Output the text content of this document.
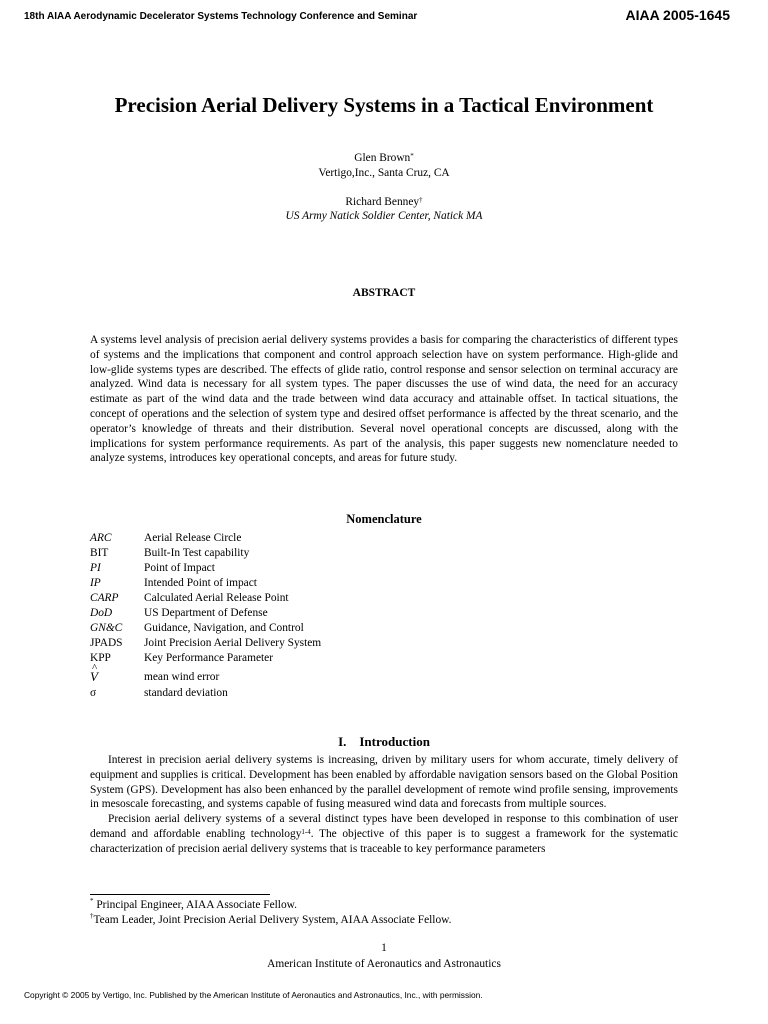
18th AIAA Aerodynamic Decelerator Systems Technology Conference and Seminar	AIAA 2005-1645
Precision Aerial Delivery Systems in a Tactical Environment
Glen Brown*
Vertigo,Inc., Santa Cruz, CA
Richard Benney†
US Army Natick Soldier Center, Natick MA
ABSTRACT

A systems level analysis of precision aerial delivery systems provides a basis for comparing the characteristics of different types of systems and the implications that component and control approach selection have on system performance. High-glide and low-glide systems types are described. The effects of glide ratio, control response and sensor selection on terminal accuracy are analyzed. Wind data is necessary for all system types. The paper discusses the use of wind data, the need for an accuracy estimate as part of the wind data and the trade between wind data accuracy and attainable offset. In tactical situations, the concept of operations and the selection of system type and desired offset performance is affected by the threat scenario, and the operator’s knowledge of threats and their distribution. Several novel operational concepts are discussed, along with the implications for system performance requirements. As part of the analysis, this paper suggests new nomenclature needed to analyze systems, introduces key operational concepts, and areas for future study.

Nomenclature
ARC	Aerial Release Circle
BIT	Built-In Test capability
PI	Point of Impact
IP	Intended Point of impact
CARP	Calculated Aerial Release Point
DoD	US Department of Defense
GN&C	Guidance, Navigation, and Control
JPADS	Joint Precision Aerial Delivery System
KPP	Key Performance Parameter
^ V	mean wind error
σ	standard deviation
I.    Introduction

Interest in precision aerial delivery systems is increasing, driven by military users for whom accurate, timely delivery of equipment and supplies is critical. Development has been enabled by affordable navigation sensors based on the Global Position System (GPS). Development has also been enhanced by the parallel development of remote wind profile sensing, improvements in mesoscale forecasting, and systems capable of fusing measured wind data and forecasts from multiple sources.

Precision aerial delivery systems of a several distinct types have been developed in response to this combination of user demand and affordable enabling technology$^{1-4}$. The objective of this paper is to suggest a framework for the systematic characterization of precision aerial delivery systems that is traceable to key performance parameters

* Principal Engineer, AIAA Associate Fellow.
†Team Leader, Joint Precision Aerial Delivery System, AIAA Associate Fellow.
1
American Institute of Aeronautics and Astronautics
Copyright © 2005 by Vertigo, Inc. Published by the American Institute of Aeronautics and Astronautics, Inc., with permission.
